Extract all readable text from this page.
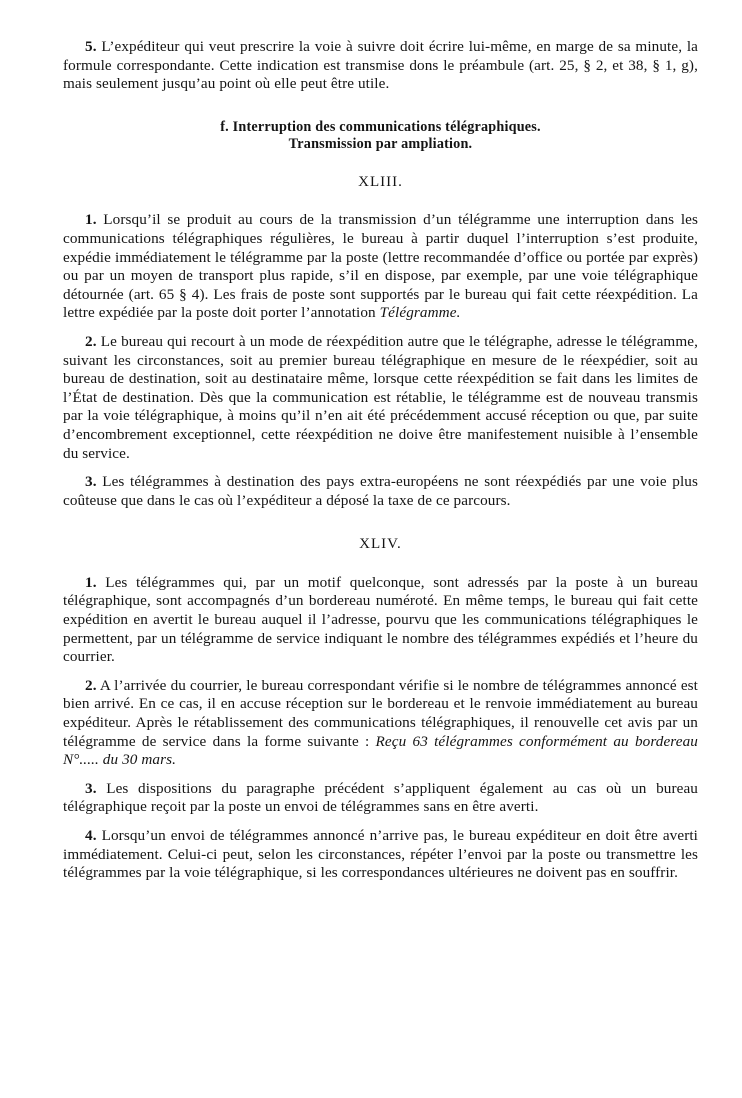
5. L’expéditeur qui veut prescrire la voie à suivre doit écrire lui-même, en marge de sa minute, la formule correspondante. Cette indication est transmise dons le préambule (art. 25, § 2, et 38, § 1, g), mais seulement jusqu’au point où elle peut être utile.

f. Interruption des communications télégraphiques.
Transmission par ampliation.
XLIII.

1. Lorsqu’il se produit au cours de la transmission d’un télégramme une interruption dans les communications télégraphiques régulières, le bureau à partir duquel l’interruption s’est produite, expédie immédiatement le télégramme par la poste (lettre recommandée d’office ou portée par exprès) ou par un moyen de transport plus rapide, s’il en dispose, par exemple, par une voie télégraphique détournée (art. 65 § 4). Les frais de poste sont supportés par le bureau qui fait cette réexpédition. La lettre expédiée par la poste doit porter l’annotation Télégramme.

2. Le bureau qui recourt à un mode de réexpédition autre que le télégraphe, adresse le télégramme, suivant les circonstances, soit au premier bureau télégraphique en mesure de le réexpédier, soit au bureau de destination, soit au destinataire même, lorsque cette réexpédition se fait dans les limites de l’État de destination. Dès que la communication est rétablie, le télégramme est de nouveau transmis par la voie télégraphique, à moins qu’il n’en ait été précédemment accusé réception ou que, par suite d’encombrement exceptionnel, cette réexpédition ne doive être manifestement nuisible à l’ensemble du service.

3. Les télégrammes à destination des pays extra-européens ne sont réexpédiés par une voie plus coûteuse que dans le cas où l’expéditeur a déposé la taxe de ce parcours.

XLIV.

1. Les télégrammes qui, par un motif quelconque, sont adressés par la poste à un bureau télégraphique, sont accompagnés d’un bordereau numéroté. En même temps, le bureau qui fait cette expédition en avertit le bureau auquel il l’adresse, pourvu que les communications télégraphiques le permettent, par un télégramme de service indiquant le nombre des télégrammes expédiés et l’heure du courrier.

2. A l’arrivée du courrier, le bureau correspondant vérifie si le nombre de télégrammes annoncé est bien arrivé. En ce cas, il en accuse réception sur le bordereau et le renvoie immédiatement au bureau expéditeur. Après le rétablissement des communications télégraphiques, il renouvelle cet avis par un télégramme de service dans la forme suivante : Reçu 63 télégrammes conformément au bordereau N°..... du 30 mars.

3. Les dispositions du paragraphe précédent s’appliquent également au cas où un bureau télégraphique reçoit par la poste un envoi de télégrammes sans en être averti.

4. Lorsqu’un envoi de télégrammes annoncé n’arrive pas, le bureau expéditeur en doit être averti immédiatement. Celui-ci peut, selon les circonstances, répéter l’envoi par la poste ou transmettre les télégrammes par la voie télégraphique, si les correspondances ultérieures ne doivent pas en souffrir.
